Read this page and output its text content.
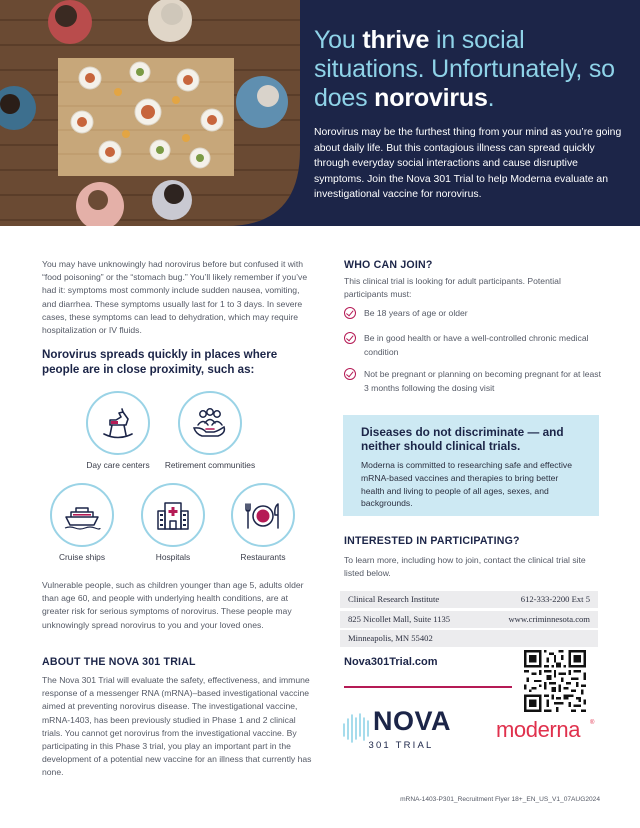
You thrive in social situations. Unfortunately, so does norovirus.

Norovirus may be the furthest thing from your mind as you’re going about daily life. But this contagious illness can spread quickly through everyday social interactions and cause disruptive symptoms. Join the Nova 301 Trial to help Moderna evaluate an investigational vaccine for norovirus.

You may have unknowingly had norovirus before but confused it with “food poisoning” or the “stomach bug.” You’ll likely remember if you’ve had it: symptoms most commonly include sudden nausea, vomiting, and diarrhea. These symptoms usually last for 1 to 3 days. In severe cases, these symptoms can lead to dehydration, which may require hospitalization or IV fluids.

Norovirus spreads quickly in places where people are in close proximity, such as:
Day care centers	Retirement communities
Cruise ships	Hospitals	Restaurants

Vulnerable people, such as children younger than age 5, adults older than age 60, and people with underlying health conditions, are at greater risk for serious symptoms of norovirus. These people may unknowingly spread norovirus to you and your loved ones.

ABOUT THE NOVA 301 TRIAL

The Nova 301 Trial will evaluate the safety, effectiveness, and immune response of a messenger RNA (mRNA)–based investigational vaccine aimed at preventing norovirus disease. The investigational vaccine, mRNA-1403, has been previously studied in Phase 1 and 2 clinical trials. You cannot get norovirus from the investigational vaccine. By participating in this Phase 3 trial, you play an important part in the development of a potential new vaccine for an illness that currently has none.

WHO CAN JOIN?

This clinical trial is looking for adult participants. Potential participants must:

Be 18 years of age or older
Be in good health or have a well-controlled chronic medical condition
Not be pregnant or planning on becoming pregnant for at least 3 months following the dosing visit
Diseases do not discriminate — and neither should clinical trials.
Moderna is committed to researching safe and effective mRNA-based vaccines and therapies to bring better health and living to people of all ages, sexes, and backgrounds.
INTERESTED IN PARTICIPATING?

To learn more, including how to join, contact the clinical trial site listed below.

Clinical Research Institute	612-333-2200 Ext 5
825 Nicollet Mall, Suite 1135	www.criminnesota.com
Minneapolis, MN 55402
Nova301Trial.com
NOVA
301 TRIAL
moderna ®
mRNA-1403-P301_Recruitment Flyer 18+_EN_US_V1_07AUG2024
